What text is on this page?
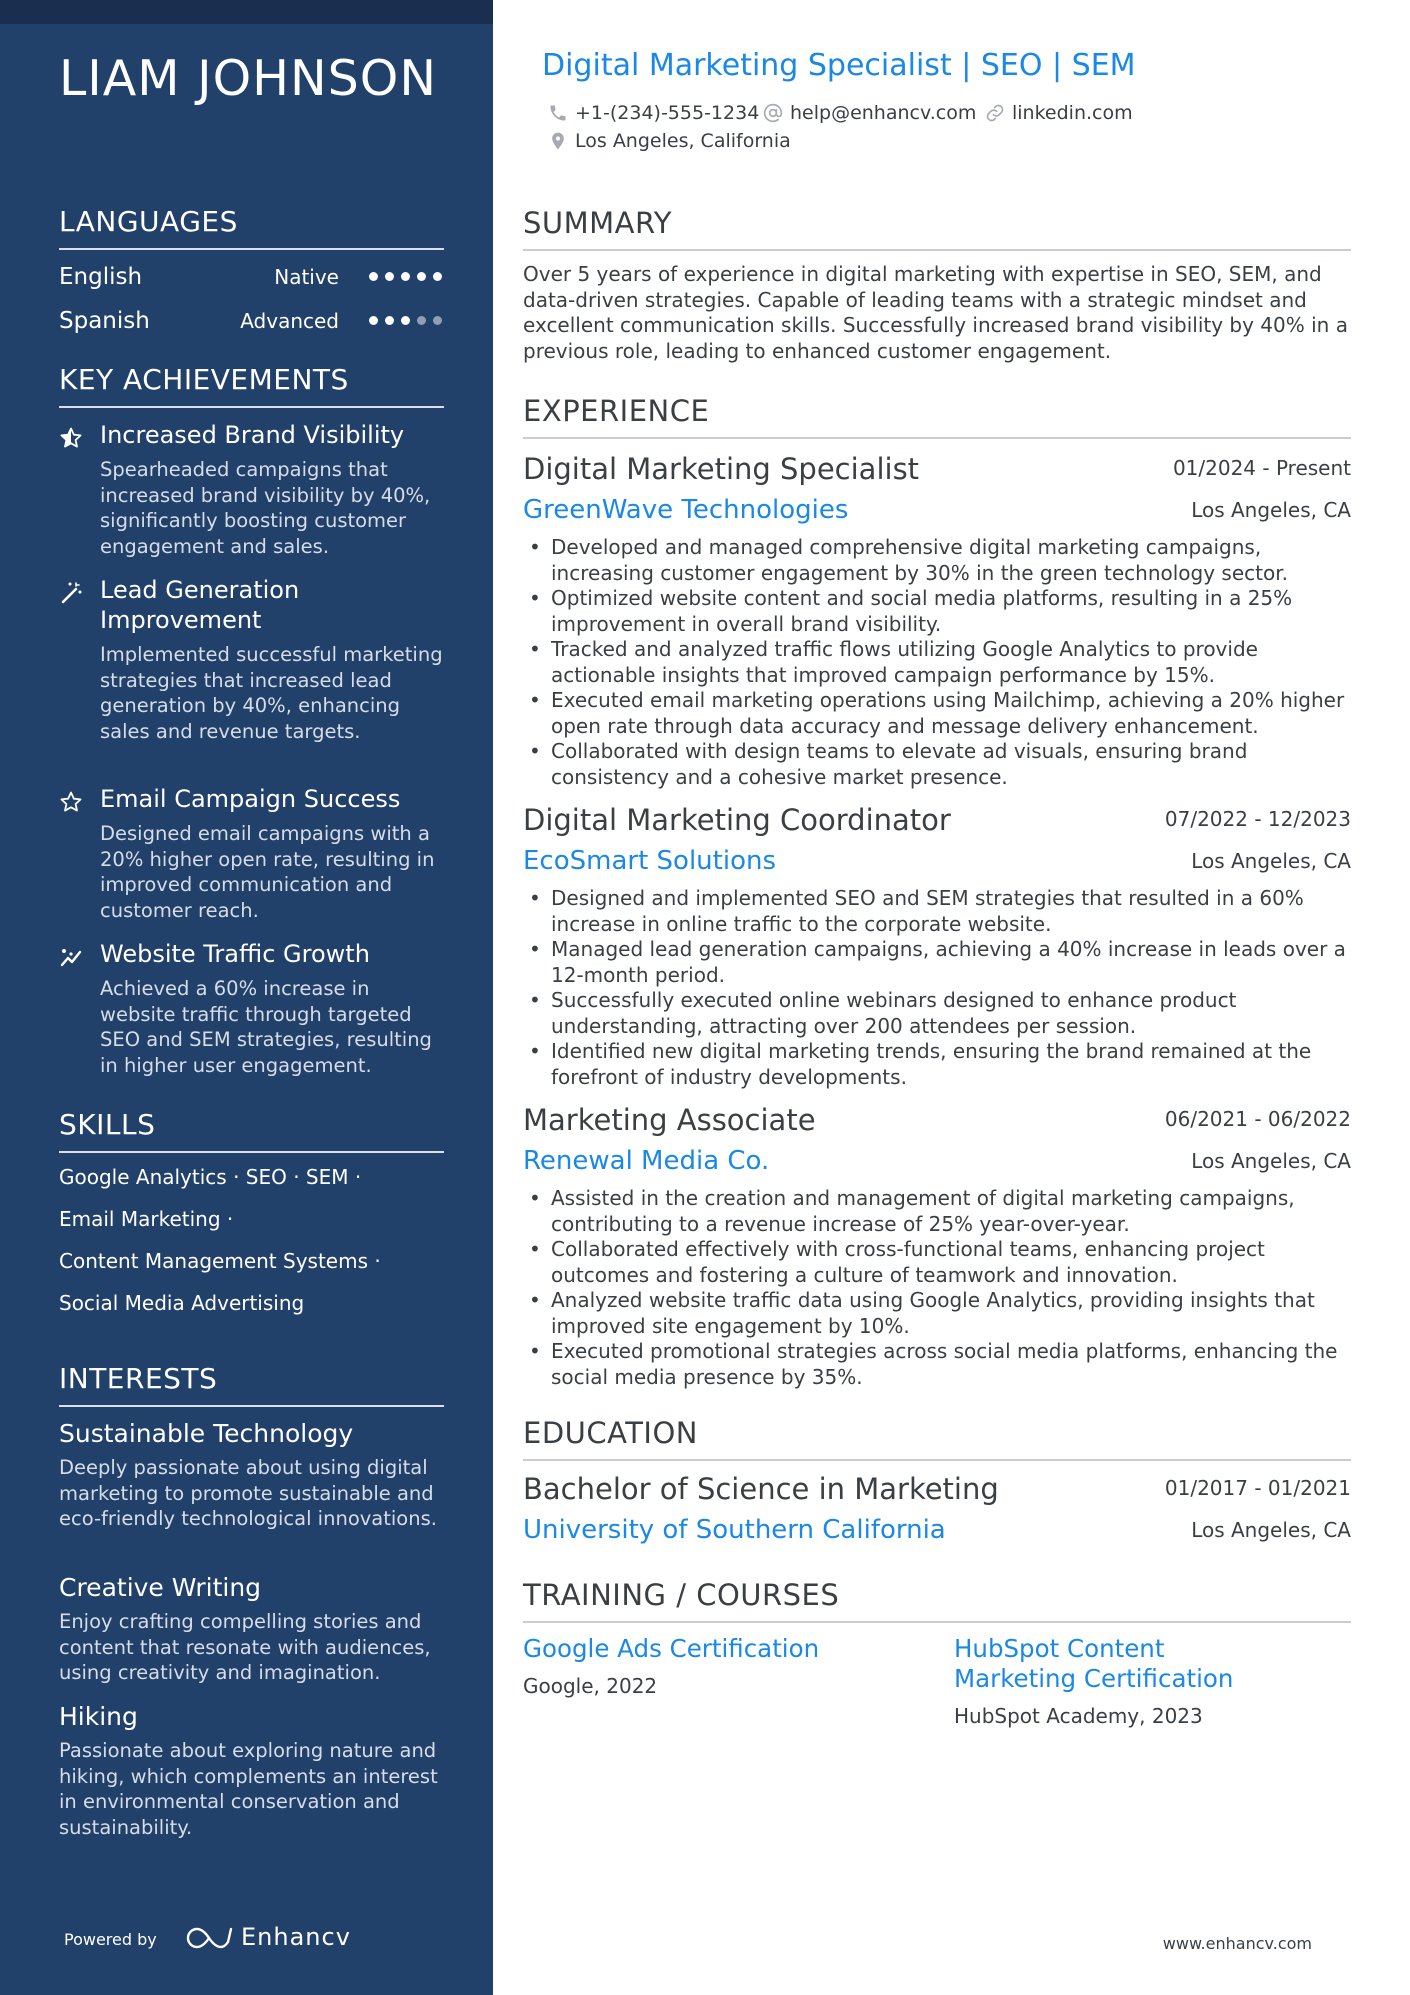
LIAM JOHNSON
LANGUAGES
English	Native
Spanish	Advanced
KEY ACHIEVEMENTS
Increased Brand Visibility
Spearheaded campaigns that increased brand visibility by 40%, significantly boosting customer engagement and sales.
Lead Generation Improvement
Implemented successful marketing strategies that increased lead generation by 40%, enhancing sales and revenue targets.
Email Campaign Success
Designed email campaigns with a 20% higher open rate, resulting in improved communication and customer reach.
Website Traffic Growth
Achieved a 60% increase in website traffic through targeted SEO and SEM strategies, resulting in higher user engagement.
SKILLS
Google Analytics · SEO · SEM ·
Email Marketing ·
Content Management Systems ·
Social Media Advertising
INTERESTS
Sustainable Technology
Deeply passionate about using digital marketing to promote sustainable and eco-friendly technological innovations.
Creative Writing
Enjoy crafting compelling stories and content that resonate with audiences, using creativity and imagination.
Hiking
Passionate about exploring nature and hiking, which complements an interest in environmental conservation and sustainability.
Powered by	Enhancv
Digital Marketing Specialist | SEO | SEM
+1-(234)-555-1234 help@enhancv.com linkedin.com
Los Angeles, California
SUMMARY
Over 5 years of experience in digital marketing with expertise in SEO, SEM, and data-driven strategies. Capable of leading teams with a strategic mindset and excellent communication skills. Successfully increased brand visibility by 40% in a previous role, leading to enhanced customer engagement.
EXPERIENCE
Digital Marketing Specialist	01/2024 - Present
GreenWave Technologies	Los Angeles, CA
• Developed and managed comprehensive digital marketing campaigns, increasing customer engagement by 30% in the green technology sector.
• Optimized website content and social media platforms, resulting in a 25% improvement in overall brand visibility.
• Tracked and analyzed traffic flows utilizing Google Analytics to provide actionable insights that improved campaign performance by 15%.
• Executed email marketing operations using Mailchimp, achieving a 20% higher open rate through data accuracy and message delivery enhancement.
• Collaborated with design teams to elevate ad visuals, ensuring brand consistency and a cohesive market presence.
Digital Marketing Coordinator	07/2022 - 12/2023
EcoSmart Solutions	Los Angeles, CA
• Designed and implemented SEO and SEM strategies that resulted in a 60% increase in online traffic to the corporate website.
• Managed lead generation campaigns, achieving a 40% increase in leads over a 12-month period.
• Successfully executed online webinars designed to enhance product understanding, attracting over 200 attendees per session.
• Identified new digital marketing trends, ensuring the brand remained at the forefront of industry developments.
Marketing Associate	06/2021 - 06/2022
Renewal Media Co.	Los Angeles, CA
• Assisted in the creation and management of digital marketing campaigns, contributing to a revenue increase of 25% year-over-year.
• Collaborated effectively with cross-functional teams, enhancing project outcomes and fostering a culture of teamwork and innovation.
• Analyzed website traffic data using Google Analytics, providing insights that improved site engagement by 10%.
• Executed promotional strategies across social media platforms, enhancing the social media presence by 35%.
EDUCATION
Bachelor of Science in Marketing	01/2017 - 01/2021
University of Southern California	Los Angeles, CA
TRAINING / COURSES
Google Ads Certification
Google, 2022
HubSpot Content Marketing Certification
HubSpot Academy, 2023
www.enhancv.com
